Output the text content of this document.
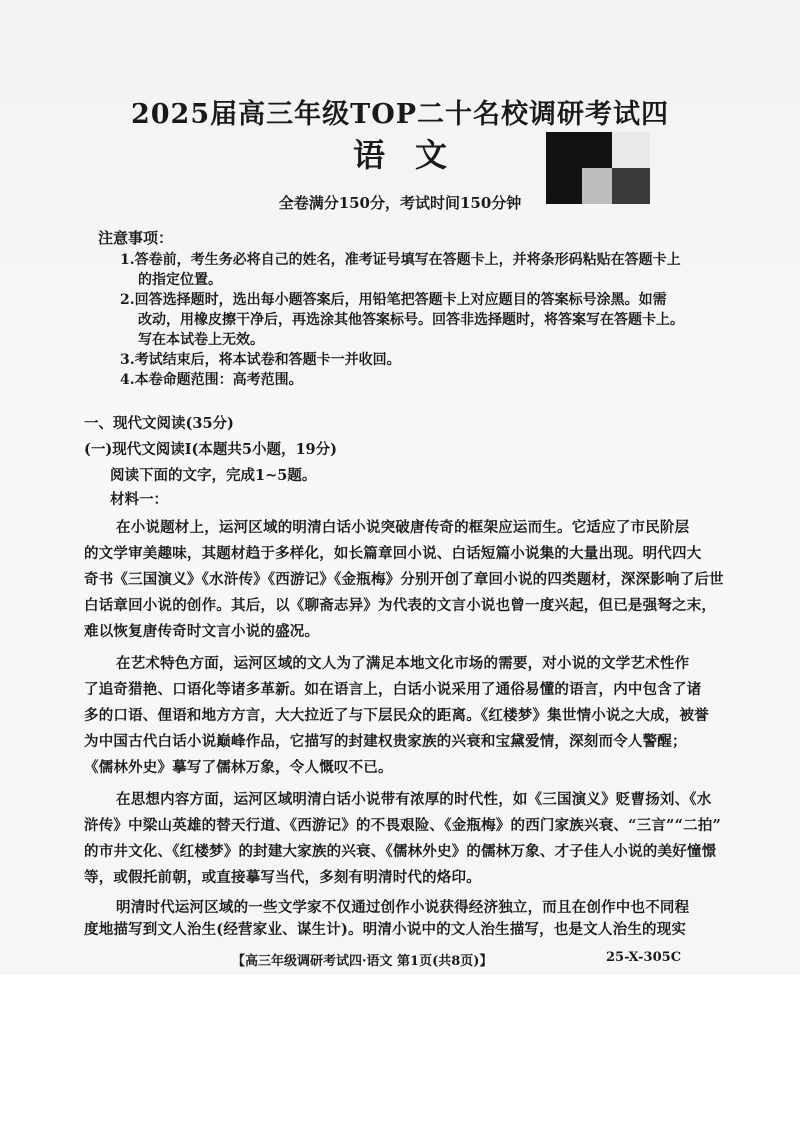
2025届高三年级TOP二十名校调研考试四
语文
全卷满分150分，考试时间150分钟
注意事项：
1.答卷前，考生务必将自己的姓名，准考证号填写在答题卡上，并将条形码粘贴在答题卡上
的指定位置。
2.回答选择题时，选出每小题答案后，用铅笔把答题卡上对应题目的答案标号涂黑。如需
改动，用橡皮擦干净后，再选涂其他答案标号。回答非选择题时，将答案写在答题卡上。
写在本试卷上无效。
3.考试结束后，将本试卷和答题卡一并收回。
4.本卷命题范围：高考范围。
一、现代文阅读(35分)
(一)现代文阅读Ⅰ(本题共5小题，19分)
阅读下面的文字，完成1~5题。
材料一：
在小说题材上，运河区域的明清白话小说突破唐传奇的框架应运而生。它适应了市民阶层
的文学审美趣味，其题材趋于多样化，如长篇章回小说、白话短篇小说集的大量出现。明代四大
奇书《三国演义》《水浒传》《西游记》《金瓶梅》分别开创了章回小说的四类题材，深深影响了后世
白话章回小说的创作。其后，以《聊斋志异》为代表的文言小说也曾一度兴起，但已是强弩之末，
难以恢复唐传奇时文言小说的盛况。
在艺术特色方面，运河区域的文人为了满足本地文化市场的需要，对小说的文学艺术性作
了追奇猎艳、口语化等诸多革新。如在语言上，白话小说采用了通俗易懂的语言，内中包含了诸
多的口语、俚语和地方方言，大大拉近了与下层民众的距离。《红楼梦》集世情小说之大成，被誉
为中国古代白话小说巅峰作品，它描写的封建权贵家族的兴衰和宝黛爱情，深刻而令人警醒；
《儒林外史》摹写了儒林万象，令人慨叹不已。
在思想内容方面，运河区域明清白话小说带有浓厚的时代性，如《三国演义》贬曹扬刘、《水
浒传》中梁山英雄的替天行道、《西游记》的不畏艰险、《金瓶梅》的西门家族兴衰、“三言”“二拍”
的市井文化、《红楼梦》的封建大家族的兴衰、《儒林外史》的儒林万象、才子佳人小说的美好憧憬
等，或假托前朝，或直接摹写当代，多刻有明清时代的烙印。
明清时代运河区域的一些文学家不仅通过创作小说获得经济独立，而且在创作中也不同程
度地描写到文人治生(经营家业、谋生计)。明清小说中的文人治生描写，也是文人治生的现实
【高三年级调研考试四·语文 第1页(共8页)】	25-X-305C
